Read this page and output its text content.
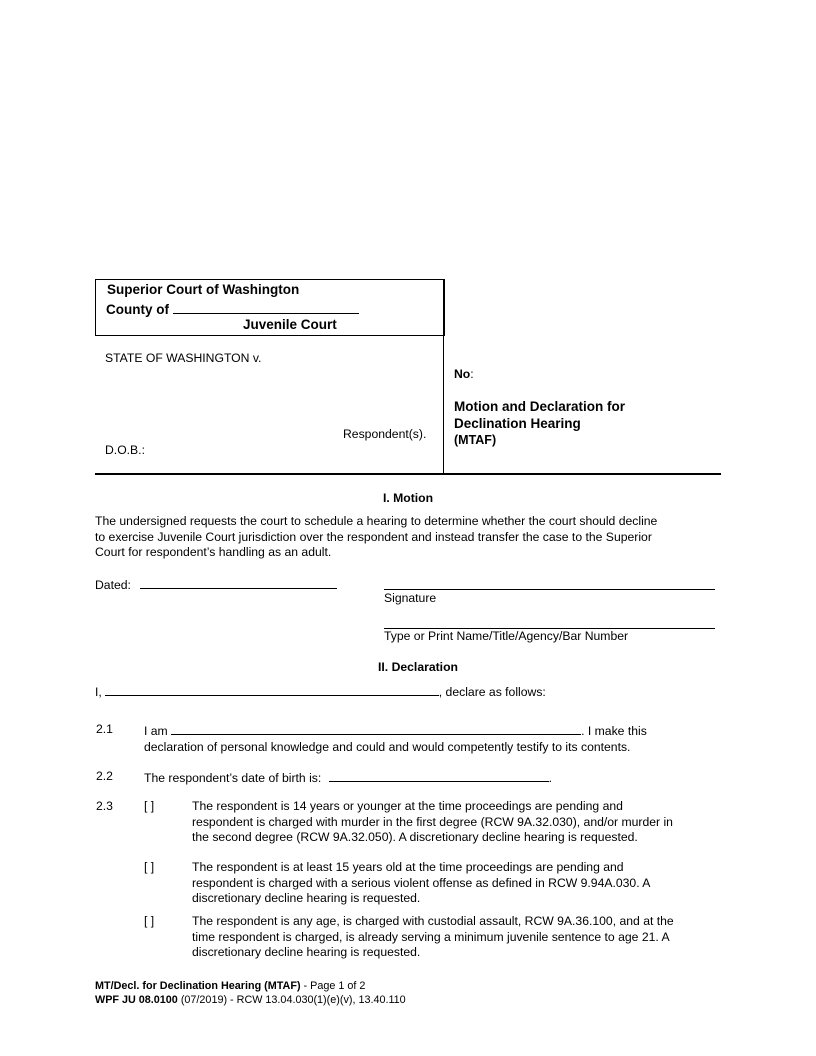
Superior Court of Washington
County of
Juvenile Court
STATE OF WASHINGTON v.
Respondent(s).
D.O.B.:
No:
Motion and Declaration for
Declination Hearing
(MTAF)
I. Motion
The undersigned requests the court to schedule a hearing to determine whether the court should decline
to exercise Juvenile Court jurisdiction over the respondent and instead transfer the case to the Superior
Court for respondent’s handling as an adult.
Dated:
Signature
Type or Print Name/Title/Agency/Bar Number
II. Declaration
I,	, declare as follows:
2.1	I am	. I make this
declaration of personal knowledge and could and would competently testify to its contents.
2.2	The respondent’s date of birth is:	.
2.3	[ ]	The respondent is 14 years or younger at the time proceedings are pending and
respondent is charged with murder in the first degree (RCW 9A.32.030), and/or murder in
the second degree (RCW 9A.32.050). A discretionary decline hearing is requested.
[ ]	The respondent is at least 15 years old at the time proceedings are pending and
respondent is charged with a serious violent offense as defined in RCW 9.94A.030. A
discretionary decline hearing is requested.
[ ]	The respondent is any age, is charged with custodial assault, RCW 9A.36.100, and at the
time respondent is charged, is already serving a minimum juvenile sentence to age 21. A
discretionary decline hearing is requested.
MT/Decl. for Declination Hearing (MTAF) - Page 1 of 2
WPF JU 08.0100 (07/2019) - RCW 13.04.030(1)(e)(v), 13.40.110
